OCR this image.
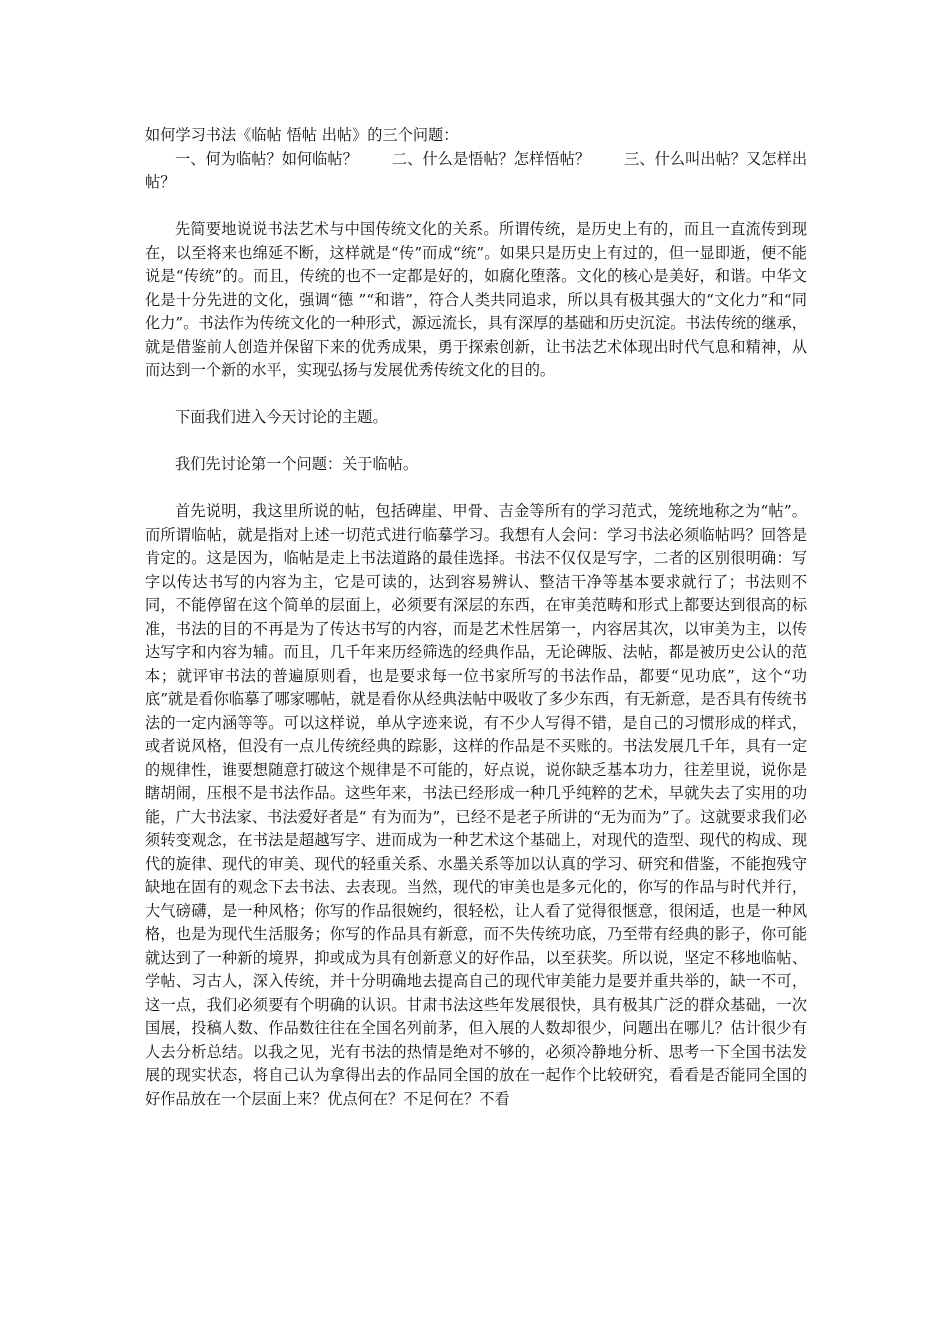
如何学习书法《临帖 悟帖 出帖》的三个问题：

一、何为临帖？如何临帖？ 二、什么是悟帖？怎样悟帖？ 三、什么叫出帖？又怎样出帖？

先简要地说说书法艺术与中国传统文化的关系。所谓传统，是历史上有的，而且一直流传到现在，以至将来也绵延不断，这样就是“传”而成“统”。如果只是历史上有过的，但一显即逝，便不能说是“传统”的。而且，传统的也不一定都是好的，如腐化堕落。文化的核心是美好，和谐。中华文化是十分先进的文化，强调“德 ”“和谐”，符合人类共同追求，所以具有极其强大的“文化力”和“同化力”。书法作为传统文化的一种形式，源远流长，具有深厚的基础和历史沉淀。书法传统的继承，就是借鉴前人创造并保留下来的优秀成果，勇于探索创新，让书法艺术体现出时代气息和精神，从而达到一个新的水平，实现弘扬与发展优秀传统文化的目的。

下面我们进入今天讨论的主题。

我们先讨论第一个问题：关于临帖。

首先说明，我这里所说的帖，包括碑崖、甲骨、吉金等所有的学习范式，笼统地称之为“帖”。而所谓临帖，就是指对上述一切范式进行临摹学习。我想有人会问：学习书法必须临帖吗？回答是肯定的。这是因为，临帖是走上书法道路的最佳选择。书法不仅仅是写字，二者的区别很明确：写字以传达书写的内容为主，它是可读的，达到容易辨认、整洁干净等基本要求就行了；书法则不同，不能停留在这个简单的层面上，必须要有深层的东西，在审美范畴和形式上都要达到很高的标准，书法的目的不再是为了传达书写的内容，而是艺术性居第一，内容居其次，以审美为主，以传达写字和内容为辅。而且，几千年来历经筛选的经典作品，无论碑版、法帖，都是被历史公认的范本；就评审书法的普遍原则看，也是要求每一位书家所写的书法作品，都要“见功底”，这个“功底”就是看你临摹了哪家哪帖，就是看你从经典法帖中吸收了多少东西，有无新意，是否具有传统书法的一定内涵等等。可以这样说，单从字迹来说，有不少人写得不错，是自己的习惯形成的样式，或者说风格，但没有一点儿传统经典的踪影，这样的作品是不买账的。书法发展几千年，具有一定的规律性，谁要想随意打破这个规律是不可能的，好点说，说你缺乏基本功力，往差里说，说你是瞎胡闹，压根不是书法作品。这些年来，书法已经形成一种几乎纯粹的艺术，早就失去了实用的功能，广大书法家、书法爱好者是“ 有为而为”，已经不是老子所讲的“无为而为”了。这就要求我们必须转变观念，在书法是超越写字、进而成为一种艺术这个基础上，对现代的造型、现代的构成、现代的旋律、现代的审美、现代的轻重关系、水墨关系等加以认真的学习、研究和借鉴，不能抱残守缺地在固有的观念下去书法、去表现。当然，现代的审美也是多元化的，你写的作品与时代并行，大气磅礴，是一种风格；你写的作品很婉约，很轻松，让人看了觉得很惬意，很闲适，也是一种风格，也是为现代生活服务；你写的作品具有新意，而不失传统功底，乃至带有经典的影子，你可能就达到了一种新的境界，抑或成为具有创新意义的好作品，以至获奖。所以说，坚定不移地临帖、学帖、习古人，深入传统，并十分明确地去提高自己的现代审美能力是要并重共举的，缺一不可，这一点，我们必须要有个明确的认识。甘肃书法这些年发展很快，具有极其广泛的群众基础，一次国展，投稿人数、作品数往往在全国名列前茅，但入展的人数却很少，问题出在哪儿？估计很少有人去分析总结。以我之见，光有书法的热情是绝对不够的，必须冷静地分析、思考一下全国书法发展的现实状态，将自己认为拿得出去的作品同全国的放在一起作个比较研究，看看是否能同全国的好作品放在一个层面上来？优点何在？不足何在？不看
